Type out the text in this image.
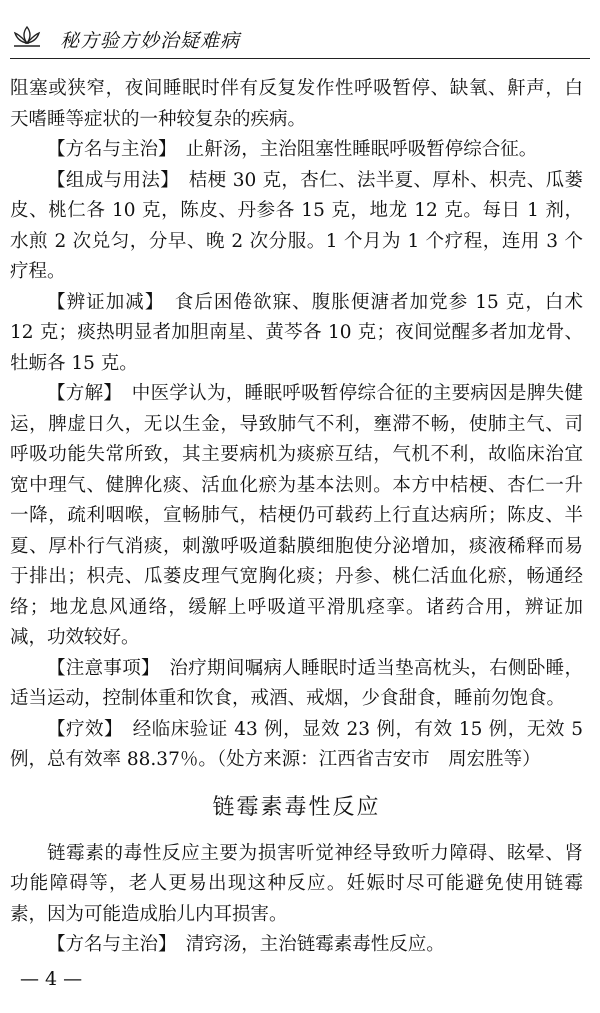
秘方验方妙治疑难病

阻塞或狭窄，夜间睡眠时伴有反复发作性呼吸暂停、缺氧、鼾声，白天嗜睡等症状的一种较复杂的疾病。

【方名与主治】  止鼾汤，主治阻塞性睡眠呼吸暂停综合征。

【组成与用法】  桔梗 30 克，杏仁、法半夏、厚朴、枳壳、瓜蒌皮、桃仁各 10 克，陈皮、丹参各 15 克，地龙 12 克。每日 1 剂，水煎 2 次兑匀，分早、晚 2 次分服。1 个月为 1 个疗程，连用 3 个疗程。

【辨证加减】  食后困倦欲寐、腹胀便溏者加党参 15 克，白术 12 克；痰热明显者加胆南星、黄芩各 10 克；夜间觉醒多者加龙骨、牡蛎各 15 克。

【方解】  中医学认为，睡眠呼吸暂停综合征的主要病因是脾失健运，脾虚日久，无以生金，导致肺气不利，壅滞不畅，使肺主气、司呼吸功能失常所致，其主要病机为痰瘀互结，气机不利，故临床治宜宽中理气、健脾化痰、活血化瘀为基本法则。本方中桔梗、杏仁一升一降，疏利咽喉，宣畅肺气，桔梗仍可载药上行直达病所；陈皮、半夏、厚朴行气消痰，刺激呼吸道黏膜细胞使分泌增加，痰液稀释而易于排出；枳壳、瓜蒌皮理气宽胸化痰；丹参、桃仁活血化瘀，畅通经络；地龙息风通络，缓解上呼吸道平滑肌痉挛。诸药合用，辨证加减，功效较好。

【注意事项】  治疗期间嘱病人睡眠时适当垫高枕头，右侧卧睡，适当运动，控制体重和饮食，戒酒、戒烟，少食甜食，睡前勿饱食。

【疗效】  经临床验证 43 例，显效 23 例，有效 15 例，无效 5 例，总有效率 88.37％。（处方来源：江西省吉安市　周宏胜等）

链霉素毒性反应

链霉素的毒性反应主要为损害听觉神经导致听力障碍、眩晕、肾功能障碍等，老人更易出现这种反应。妊娠时尽可能避免使用链霉素，因为可能造成胎儿内耳损害。

【方名与主治】  清窍汤，主治链霉素毒性反应。

— 4 —
